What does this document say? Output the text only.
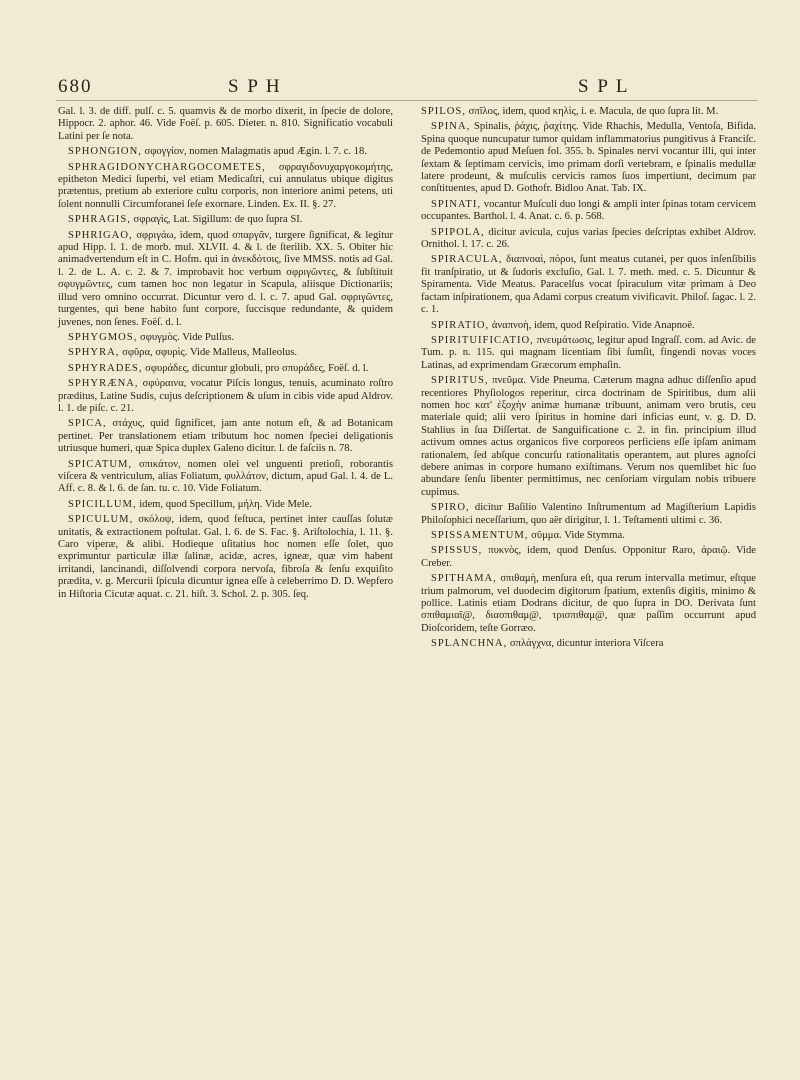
680	S P H	S P L

Gal. l. 3. de diff. pulſ. c. 5. quamvis & de morbo dixerit, in ſpecie de dolore, Hippocr. 2. aphor. 46. Vide Foëſ. p. 605. Dieter. n. 810. Significatio vocabuli Latini per ſe nota.

SPHONGION, σφογγίον, nomen Malagmatis apud Ægin. l. 7. c. 18.

SPHRAGIDONYCHARGOCOMETES, σφραγιδονυχαργοκομήτης, epitheton Medici ſuperbi, vel etiam Medicaſtri, cui annulatus ubique digitus prætentus, pretium ab exteriore cultu corporis, non interiore animi petens, uti ſolent nonnulli Circumforanei ſeſe exornare. Linden. Ex. II. §. 27.

SPHRAGIS, σφραγὶς, Lat. Sigillum: de quo ſupra SI.

SPHRIGAO, σφριγάω, idem, quod σπαργᾶν, turgere ſignificat, & legitur apud Hipp. l. 1. de morb. mul. XLVII. 4. & l. de ſterilib. XX. 5. Obiter hic animadvertendum eſt in C. Hofm. qui in ἀνεκδότοις, ſive MMSS. notis ad Gal. l. 2. de L. A. c. 2. & 7. improbavit hoc verbum σφριγῶντες, & ſubſtituit σφυγμῶντες, cum tamen hoc non legatur in Scapula, aliisque Dictionariis; illud vero omnino occurrat. Dicuntur vero d. l. c. 7. apud Gal. σφριγῶντες, turgentes, qui bene habito ſunt corpore, ſuccisque redundante, & quidem juvenes, non ſenes. Foëſ. d. l.

SPHYGMOS, σφυγμὸς. Vide Pulſus.

SPHYRA, σφῦρα, σφυρὶς. Vide Malleus, Malleolus.

SPHYRADES, σφυράδες, dicuntur globuli, pro σπυράδες, Foëſ. d. l.

SPHYRÆNA, σφύραινα, vocatur Piſcis longus, tenuis, acuminato roſtro præditus, Latine Sudis, cujus deſcriptionem & uſum in cibis vide apud Aldrov. l. 1. de piſc. c. 21.

SPICA, στάχυς, quid ſignificet, jam ante notum eſt, & ad Botanicam pertinet. Per translationem etiam tributum hoc nomen ſpeciei deligationis utriusque humeri, quæ Spica duplex Galeno dicitur. l. de faſciis n. 78.

SPICATUM, σπικάτον, nomen olei vel unguenti pretioſi, roborantis viſcera & ventriculum, alias Foliatum, φυλλάτον, dictum, apud Gal. l. 4. de L. Aff. c. 8. & l. 6. de ſan. tu. c. 10. Vide Foliatum.

SPICILLUM, idem, quod Specillum, μήλη. Vide Mele.

SPICULUM, σκόλοψ, idem, quod feſtuca, pertinet inter cauſſas ſolutæ unitatis, & extractionem poſtulat. Gal. l. 6. de S. Fac. §. Ariſtolochia, l. 11. §. Caro viperæ, & alibi. Hodieque uſitatius hoc nomen eſſe ſolet, quo exprimuntur particulæ illæ ſalinæ, acidæ, acres, igneæ, quæ vim habent irritandi, lancinandi, diſſolvendi corpora nervoſa, fibroſa & ſenſu exquiſito prædita, v. g. Mercurii ſpicula dicuntur ignea eſſe à celeberrimo D. D. Wepfero in Hiſtoria Cicutæ aquat. c. 21. hiſt. 3. Schol. 2. p. 305. ſeq.

SPILOS, σπῖλος, idem, quod κηλὶς, i. e. Macula, de quo ſupra lit. M.

SPINA, Spinalis, ῥάχις, ῥαχίτης. Vide Rhachis, Medulla, Ventoſa, Bifida. Spina quoque nuncupatur tumor quidam inflammatorius pungitivus à Franciſc. de Pedemontio apud Meſuen fol. 355. b. Spinales nervi vocantur illi, qui inter ſextam & ſeptimam cervicis, imo primam dorſi vertebram, e ſpinalis medullæ latere prodeunt, & muſculis cervicis ramos ſuos impertiunt, decimum par conſtituentes, apud D. Gothofr. Bidloo Anat. Tab. IX.

SPINATI, vocantur Muſculi duo longi & ampli inter ſpinas totam cervicem occupantes. Barthol. l. 4. Anat. c. 6. p. 568.

SPIPOLA, dicitur avicula, cujus varias ſpecies deſcriptas exhibet Aldrov. Ornithol. l. 17. c. 26.

SPIRACULA, διαπνοαὶ, πόροι, ſunt meatus cutanei, per quos inſenſibilis fit tranſpiratio, ut & ſudoris excluſio, Gal. l. 7. meth. med. c. 5. Dicuntur & Spiramenta. Vide Meatus. Paracelſus vocat ſpiraculum vitæ primam à Deo factam inſpirationem, qua Adami corpus creatum vivificavit. Philoſ. ſagac. l. 2. c. 1.

SPIRATIO, ἀναπνοὴ, idem, quod Reſpiratio. Vide Anapnoë.

SPIRITUIFICATIO, πνευμάτωσις, legitur apud Ingraſſ. com. ad Avic. de Tum. p. n. 115. qui magnam licentiam ſibi ſumſit, fingendi novas voces Latinas, ad exprimendam Græcorum emphaſin.

SPIRITUS, πνεῦμα. Vide Pneuma. Cæterum magna adhuc diſſenſio apud recentiores Phyſiologos reperitur, circa doctrinam de Spiritibus, dum alii nomen hoc κατ' ἐξοχὴν animæ humanæ tribuunt, animam vero brutis, ceu materiale quid; alii vero ſpiritus in homine dari inficias eunt, v. g. D. D. Stahlius in ſua Diſſertat. de Sanguificatione c. 2. in fin. principium illud activum omnes actus organicos five corporeos perficiens eſſe ipſam animam rationalem, ſed abſque concurſu rationalitatis operantem, aut plures agnoſci debere animas in corpore humano exiſtimans. Verum nos quemlibet hic ſuo abundare ſenſu libenter permittimus, nec cenſoriam virgulam nobis tribuere cupimus.

SPIRO, dicitur Baſilio Valentino Inſtrumentum ad Magiſterium Lapidis Philoſophici neceſſarium, quo aër dirigitur, l. 1. Teſtamenti ultimi c. 36.

SPISSAMENTUM, σῦμμα. Vide Stymma.

SPISSUS, πυκνὸς, idem, quod Denſus. Opponitur Raro, ἀραιῷ. Vide Creber.

SPITHAMA, σπιθαμὴ, menſura eſt, qua rerum intervalla metimur, eſtque trium palmorum, vel duodecim digitorum ſpatium, extenſis digitis, minimo & pollice. Latinis etiam Dodrans dicitur, de quo ſupra in DO. Derivata ſunt σπιθαμιαῖ@, διασπιθαμ@, τρισπιθαμ@, quæ paſſim occurrunt apud Dioſcoridem, teſte Gorræo.

SPLANCHNA, σπλάγχνα, dicuntur interiora Viſcera
